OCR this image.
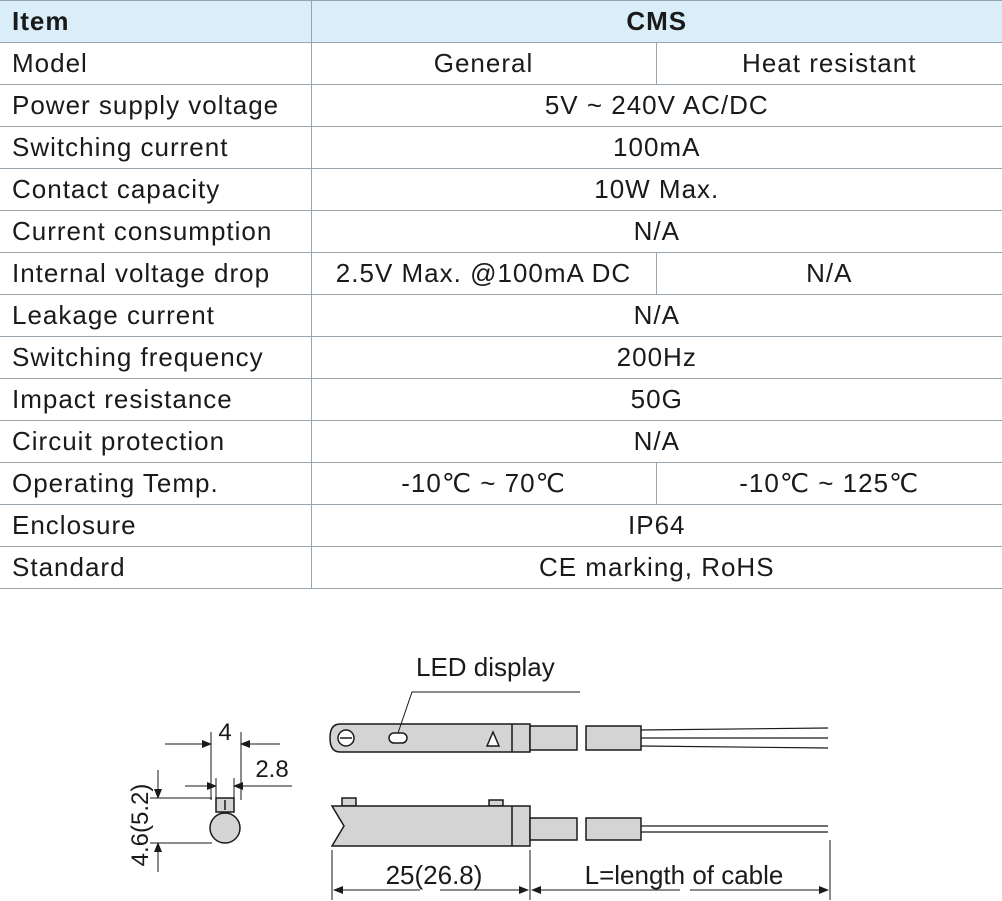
Item	CMS	
Model	General	Heat resistant
Power supply voltage	5V ~ 240V AC/DC	
Switching current	100mA	
Contact capacity	10W Max.	
Current consumption	N/A	
Internal voltage drop	2.5V Max. @100mA DC	N/A
Leakage current	N/A	
Switching frequency	200Hz	
Impact resistance	50G	
Circuit protection	N/A	
Operating Temp.	-10℃ ~ 70℃	-10℃ ~ 125℃
Enclosure	IP64	
Standard	CE marking, RoHS	
4
2.8
4.6(5.2)
LED display
25(26.8)	L=length of cable
